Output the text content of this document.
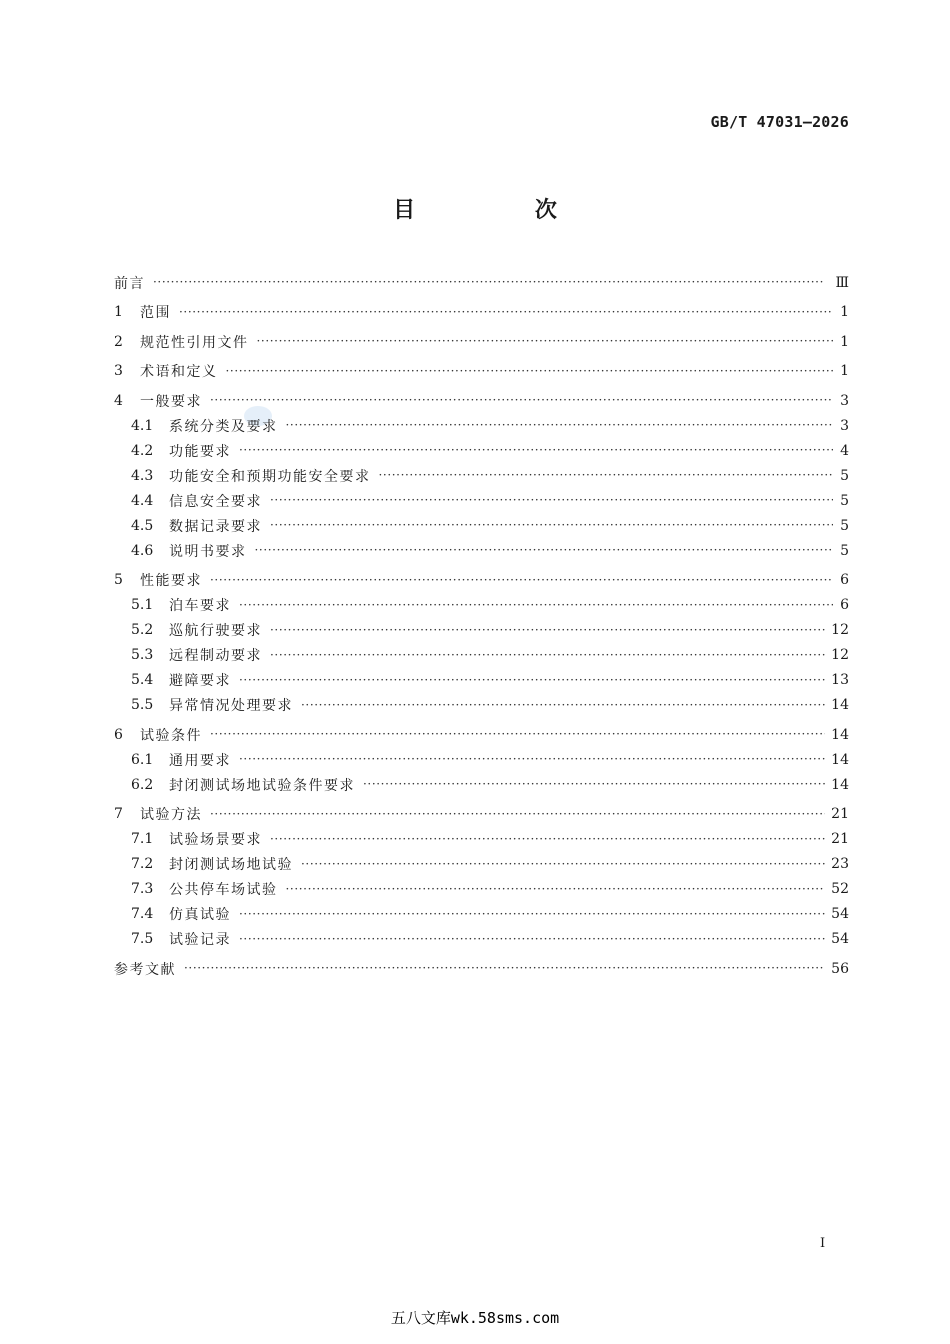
GB/T 47031—2026
目 次
前言 ·····	Ⅲ
1	范围 ·····	1
2	规范性引用文件 ·····	1
3	术语和定义 ·····	1
4	一般要求 ·····	3
4.1	系统分类及要求 ·····	3
4.2	功能要求 ·····	4
4.3	功能安全和预期功能安全要求 ·····	5
4.4	信息安全要求 ·····	5
4.5	数据记录要求 ·····	5
4.6	说明书要求 ·····	5
5	性能要求 ·····	6
5.1	泊车要求 ·····	6
5.2	巡航行驶要求 ·····	12
5.3	远程制动要求 ·····	12
5.4	避障要求 ·····	13
5.5	异常情况处理要求 ·····	14
6	试验条件 ·····	14
6.1	通用要求 ·····	14
6.2	封闭测试场地试验条件要求 ·····	14
7	试验方法 ·····	21
7.1	试验场景要求 ·····	21
7.2	封闭测试场地试验 ·····	23
7.3	公共停车场试验 ·····	52
7.4	仿真试验 ·····	54
7.5	试验记录 ·····	54
参考文献 ·····	56
I
五八文库wk.58sms.com
